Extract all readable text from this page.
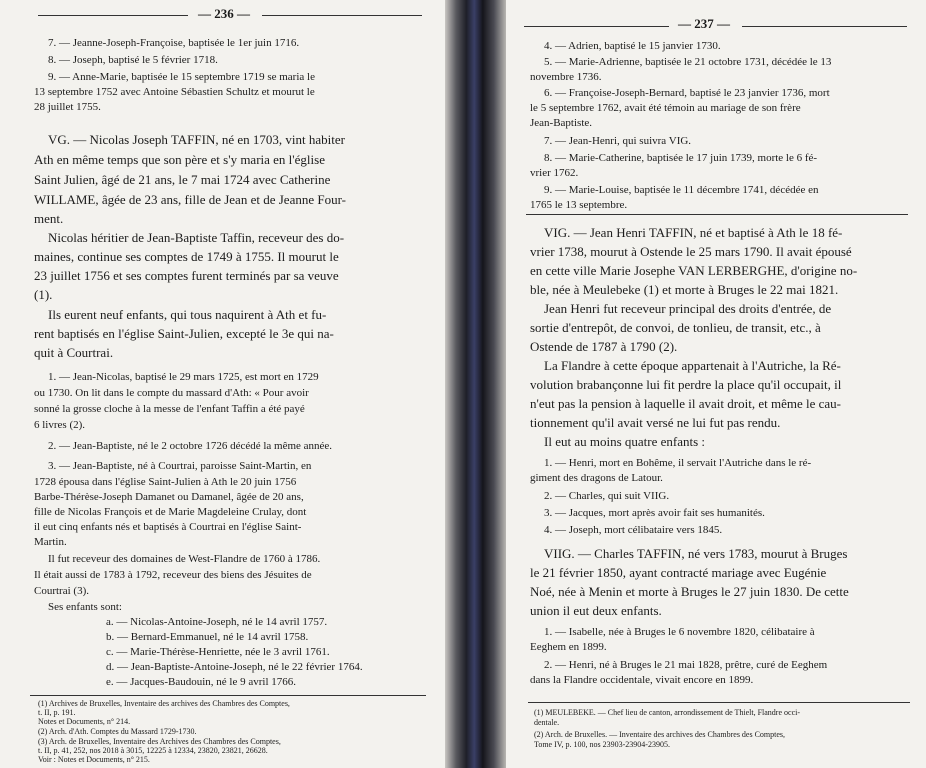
— 236 —
7. — Jeanne-Joseph-Françoise, baptisée le 1er juin 1716.
8. — Joseph, baptisé le 5 février 1718.
9. — Anne-Marie, baptisée le 15 septembre 1719 se maria le
13 septembre 1752 avec Antoine Sébastien Schultz et mourut le
28 juillet 1755.
VG. — Nicolas Joseph TAFFIN, né en 1703, vint habiter
Ath en même temps que son père et s'y maria en l'église
Saint Julien, âgé de 21 ans, le 7 mai 1724 avec Catherine
WILLAME, âgée de 23 ans, fille de Jean et de Jeanne Four-
ment.
Nicolas héritier de Jean-Baptiste Taffin, receveur des do-
maines, continue ses comptes de 1749 à 1755. Il mourut le
23 juillet 1756 et ses comptes furent terminés par sa veuve
(1).
Ils eurent neuf enfants, qui tous naquirent à Ath et fu-
rent baptisés en l'église Saint-Julien, excepté le 3e qui na-
quit à Courtrai.
1. — Jean-Nicolas, baptisé le 29 mars 1725, est mort en 1729
ou 1730. On lit dans le compte du massard d'Ath: « Pour avoir
sonné la grosse cloche à la messe de l'enfant Taffin a été payé
6 livres (2).
2. — Jean-Baptiste, né le 2 octobre 1726 décédé la même année.
3. — Jean-Baptiste, né à Courtrai, paroisse Saint-Martin, en
1728 épousa dans l'église Saint-Julien à Ath le 20 juin 1756
Barbe-Thérèse-Joseph Damanet ou Damanel, âgée de 20 ans,
fille de Nicolas François et de Marie Magdeleine Crulay, dont
il eut cinq enfants nés et baptisés à Courtrai en l'église Saint-
Martin.
Il fut receveur des domaines de West-Flandre de 1760 à 1786.
Il était aussi de 1783 à 1792, receveur des biens des Jésuites de
Courtrai (3).
Ses enfants sont:
a. — Nicolas-Antoine-Joseph, né le 14 avril 1757.
b. — Bernard-Emmanuel, né le 14 avril 1758.
c. — Marie-Thérèse-Henriette, née le 3 avril 1761.
d. — Jean-Baptiste-Antoine-Joseph, né le 22 février 1764.
e. — Jacques-Baudouin, né le 9 avril 1766.
(1) Archives de Bruxelles, Inventaire des archives des Chambres des Comptes,
t. II, p. 191.
Notes et Documents, n° 214.
(2) Arch. d'Ath. Comptes du Massard 1729-1730.
(3) Arch. de Bruxelles, Inventaire des Archives des Chambres des Comptes,
t. II, p. 41, 252, nos 2018 à 3015, 12225 à 12334, 23820, 23821, 26628.
Voir : Notes et Documents, n° 215.
— 237 —
4. — Adrien, baptisé le 15 janvier 1730.
5. — Marie-Adrienne, baptisée le 21 octobre 1731, décédée le 13
novembre 1736.
6. — Françoise-Joseph-Bernard, baptisé le 23 janvier 1736, mort
le 5 septembre 1762, avait été témoin au mariage de son frère
Jean-Baptiste.
7. — Jean-Henri, qui suivra VIG.
8. — Marie-Catherine, baptisée le 17 juin 1739, morte le 6 fé-
vrier 1762.
9. — Marie-Louise, baptisée le 11 décembre 1741, décédée en
1765 le 13 septembre.
VIG. — Jean Henri TAFFIN, né et baptisé à Ath le 18 fé-
vrier 1738, mourut à Ostende le 25 mars 1790. Il avait épousé
en cette ville Marie Josephe VAN LERBERGHE, d'origine no-
ble, née à Meulebeke (1) et morte à Bruges le 22 mai 1821.
Jean Henri fut receveur principal des droits d'entrée, de
sortie d'entrepôt, de convoi, de tonlieu, de transit, etc., à
Ostende de 1787 à 1790 (2).
La Flandre à cette époque appartenait à l'Autriche, la Ré-
volution brabançonne lui fit perdre la place qu'il occupait, il
n'eut pas la pension à laquelle il avait droit, et même le cau-
tionnement qu'il avait versé ne lui fut pas rendu.
Il eut au moins quatre enfants :
1. — Henri, mort en Bohême, il servait l'Autriche dans le ré-
giment des dragons de Latour.
2. — Charles, qui suit VIIG.
3. — Jacques, mort après avoir fait ses humanités.
4. — Joseph, mort célibataire vers 1845.
VIIG. — Charles TAFFIN, né vers 1783, mourut à Bruges
le 21 février 1850, ayant contracté mariage avec Eugénie
Noé, née à Menin et morte à Bruges le 27 juin 1830. De cette
union il eut deux enfants.
1. — Isabelle, née à Bruges le 6 novembre 1820, célibataire à
Eeghem en 1899.
2. — Henri, né à Bruges le 21 mai 1828, prêtre, curé de Eeghem
dans la Flandre occidentale, vivait encore en 1899.
(1) MEULEBEKE. — Chef lieu de canton, arrondissement de Thielt, Flandre occi-
dentale.
(2) Arch. de Bruxelles. — Inventaire des archives des Chambres des Comptes,
Tome IV, p. 100, nos 23903-23904-23905.
